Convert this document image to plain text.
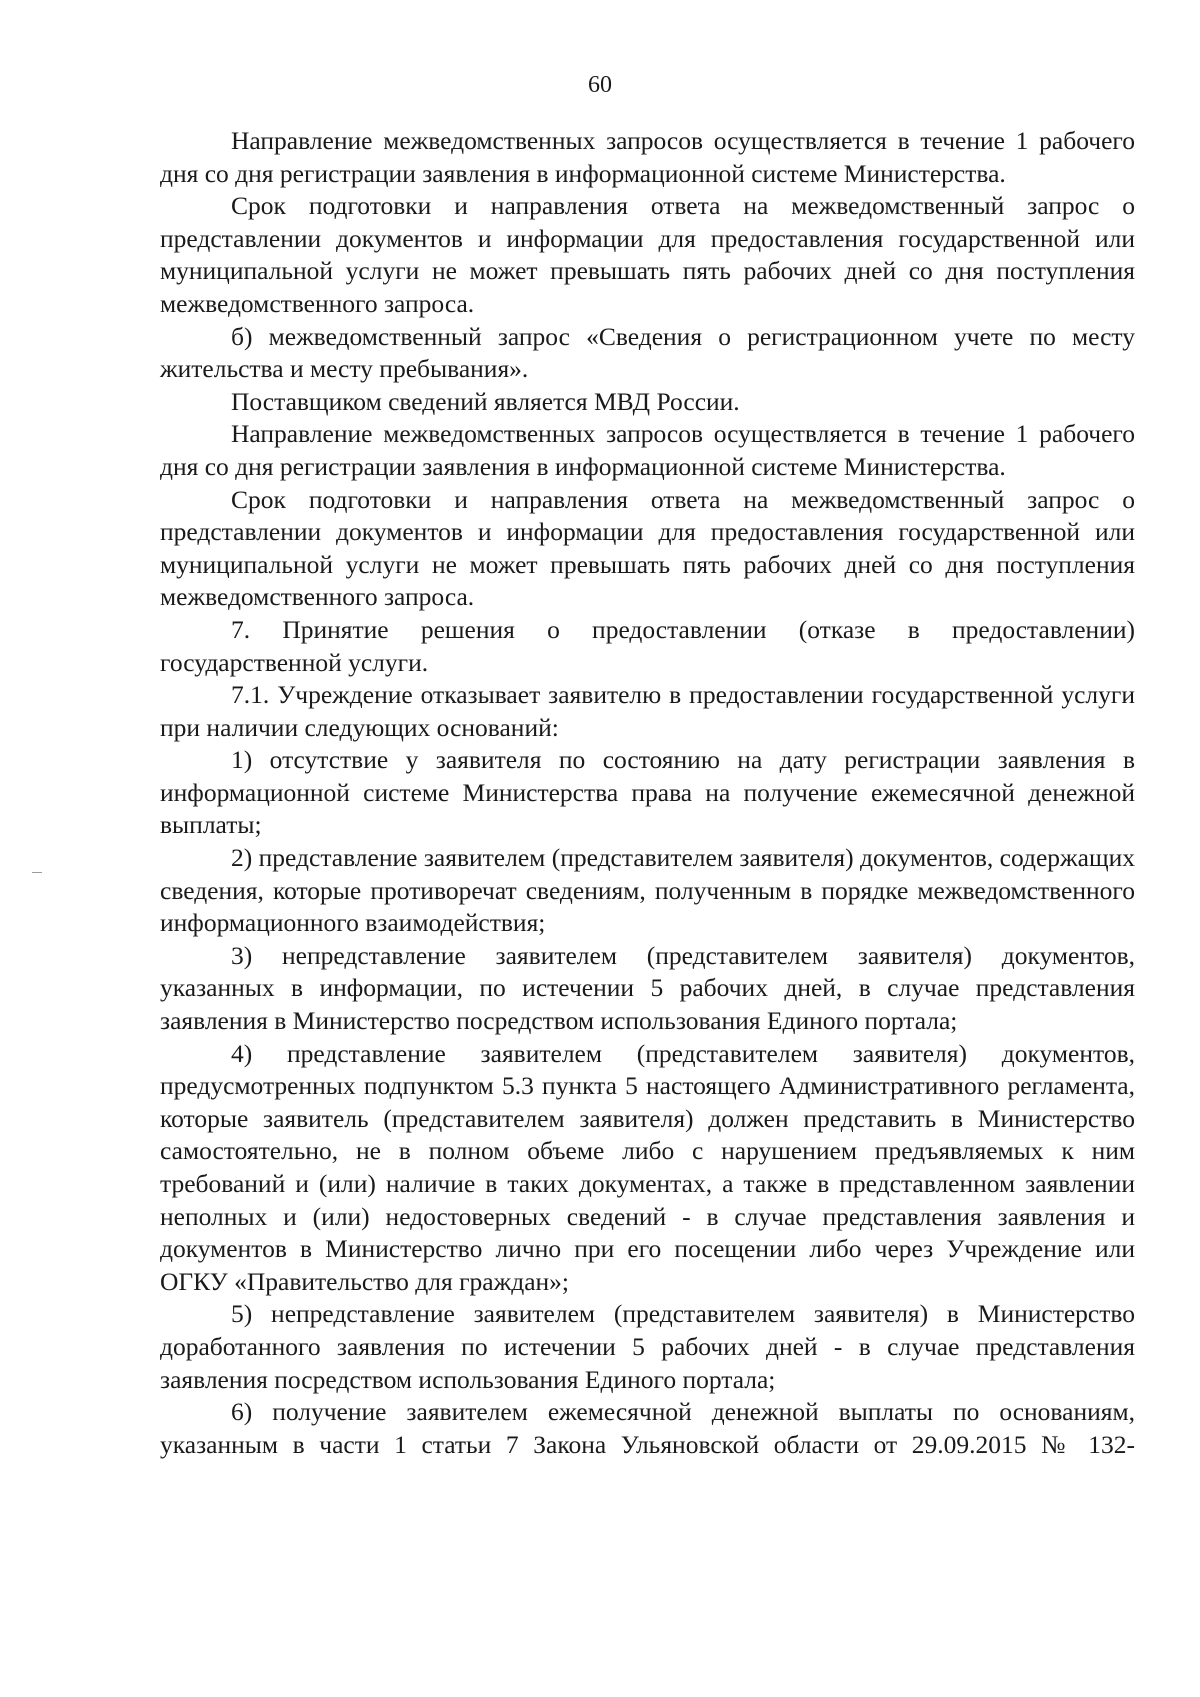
60

Направление межведомственных запросов осуществляется в течение 1 рабочего дня со дня регистрации заявления в информационной системе Министерства.

Срок подготовки и направления ответа на межведомственный запрос о представлении документов и информации для предоставления государственной или муниципальной услуги не может превышать пять рабочих дней со дня поступления межведомственного запроса.

б) межведомственный запрос «Сведения о регистрационном учете по месту жительства и месту пребывания».

Поставщиком сведений является МВД России.

Направление межведомственных запросов осуществляется в течение 1 рабочего дня со дня регистрации заявления в информационной системе Министерства.

Срок подготовки и направления ответа на межведомственный запрос о представлении документов и информации для предоставления государственной или муниципальной услуги не может превышать пять рабочих дней со дня поступления межведомственного запроса.

7. Принятие решения о предоставлении (отказе в предоставлении) государственной услуги.

7.1. Учреждение отказывает заявителю в предоставлении государственной услуги при наличии следующих оснований:

1) отсутствие у заявителя по состоянию на дату регистрации заявления в информационной системе Министерства права на получение ежемесячной денежной выплаты;

2) представление заявителем (представителем заявителя) документов, содержащих сведения, которые противоречат сведениям, полученным в порядке межведомственного информационного взаимодействия;

3) непредставление заявителем (представителем заявителя) документов, указанных в информации, по истечении 5 рабочих дней, в случае представления заявления в Министерство посредством использования Единого портала;

4) представление заявителем (представителем заявителя) документов, предусмотренных подпунктом 5.3 пункта 5 настоящего Административного регламента, которые заявитель (представителем заявителя) должен представить в Министерство самостоятельно, не в полном объеме либо с нарушением предъявляемых к ним требований и (или) наличие в таких документах, а также в представленном заявлении неполных и (или) недостоверных сведений - в случае представления заявления и документов в Министерство лично при его посещении либо через Учреждение или ОГКУ «Правительство для граждан»;

5) непредставление заявителем (представителем заявителя) в Министерство доработанного заявления по истечении 5 рабочих дней - в случае представления заявления посредством использования Единого портала;

6) получение заявителем ежемесячной денежной выплаты по основаниям, указанным в части 1 статьи 7 Закона Ульяновской области от 29.09.2015 № 132-
